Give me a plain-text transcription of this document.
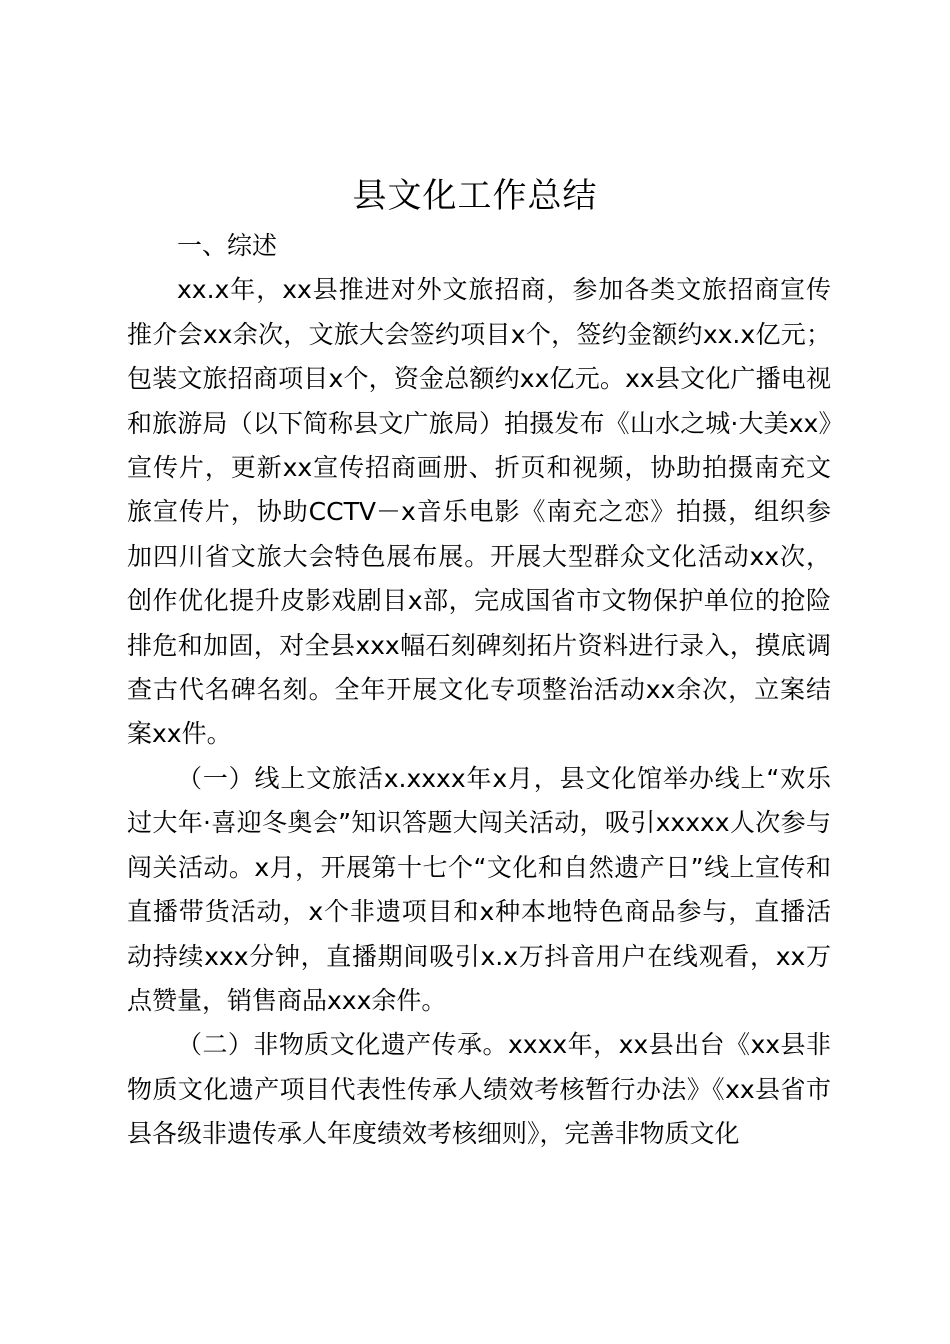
县文化工作总结

一、综述

xx.x年，xx县推进对外文旅招商，参加各类文旅招商宣传推介会xx余次，文旅大会签约项目x个，签约金额约xx.x亿元；包装文旅招商项目x个，资金总额约xx亿元。xx县文化广播电视和旅游局（以下简称县文广旅局）拍摄发布《山水之城·大美xx》宣传片，更新xx宣传招商画册、折页和视频，协助拍摄南充文旅宣传片，协助CCTV－x音乐电影《南充之恋》拍摄，组织参加四川省文旅大会特色展布展。开展大型群众文化活动xx次，创作优化提升皮影戏剧目x部，完成国省市文物保护单位的抢险排危和加固，对全县xxx幅石刻碑刻拓片资料进行录入，摸底调查古代名碑名刻。全年开展文化专项整治活动xx余次，立案结案xx件。

（一）线上文旅活x.xxxx年x月，县文化馆举办线上“欢乐过大年·喜迎冬奥会”知识答题大闯关活动，吸引xxxxx人次参与闯关活动。x月，开展第十七个“文化和自然遗产日”线上宣传和直播带货活动，x个非遗项目和x种本地特色商品参与，直播活动持续xxx分钟，直播期间吸引x.x万抖音用户在线观看，xx万点赞量，销售商品xxx余件。

（二）非物质文化遗产传承。xxxx年，xx县出台《xx县非物质文化遗产项目代表性传承人绩效考核暂行办法》《xx县省市县各级非遗传承人年度绩效考核细则》，完善非物质文化
